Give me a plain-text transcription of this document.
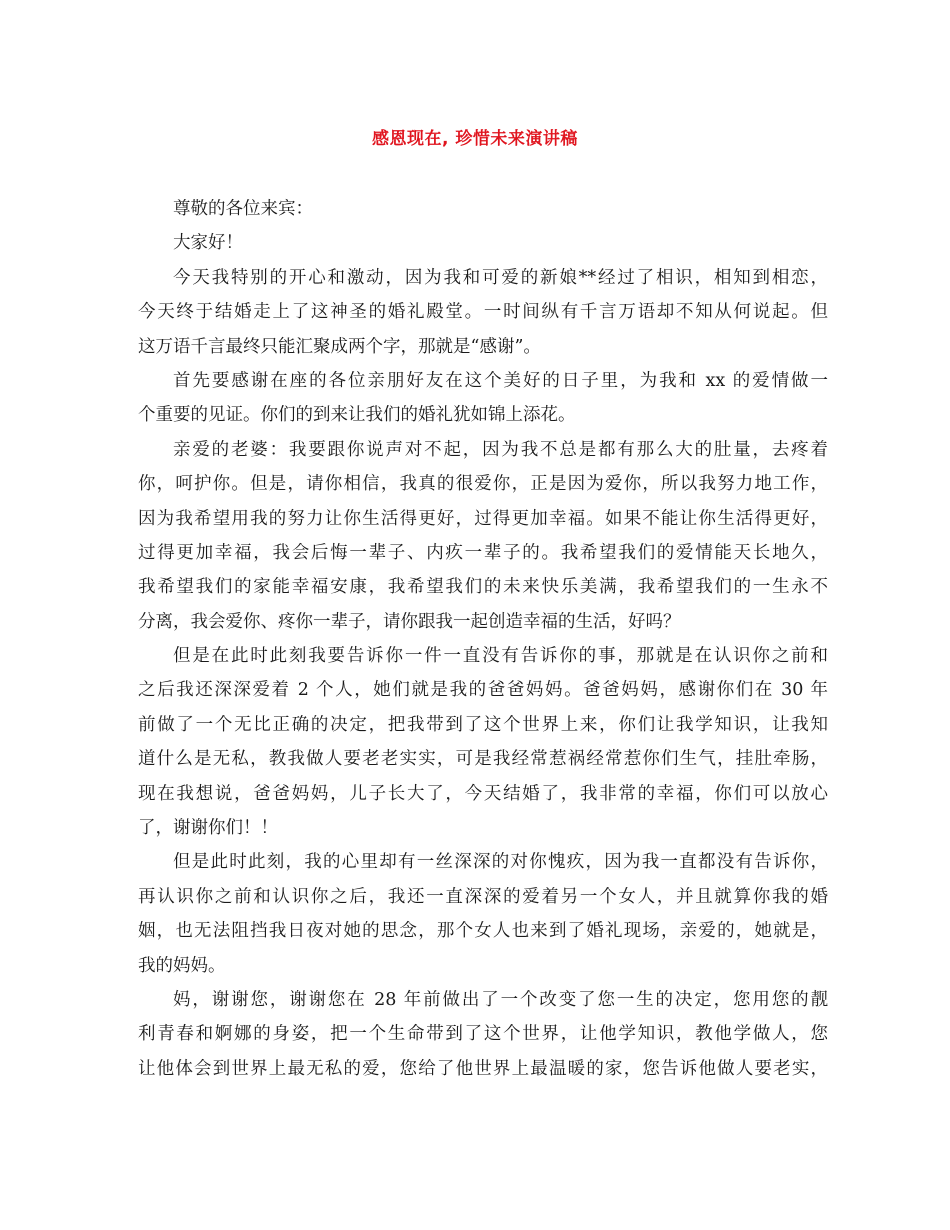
感恩现在, 珍惜未来演讲稿
尊敬的各位来宾：
大家好！
今天我特别的开心和激动，因为我和可爱的新娘**经过了相识，相知到相恋，
今天终于结婚走上了这神圣的婚礼殿堂。一时间纵有千言万语却不知从何说起。但
这万语千言最终只能汇聚成两个字，那就是“感谢”。
首先要感谢在座的各位亲朋好友在这个美好的日子里，为我和 xx 的爱情做一
个重要的见证。你们的到来让我们的婚礼犹如锦上添花。
亲爱的老婆：我要跟你说声对不起，因为我不总是都有那么大的肚量，去疼着
你，呵护你。但是，请你相信，我真的很爱你，正是因为爱你，所以我努力地工作，
因为我希望用我的努力让你生活得更好，过得更加幸福。如果不能让你生活得更好，
过得更加幸福，我会后悔一辈子、内疚一辈子的。我希望我们的爱情能天长地久，
我希望我们的家能幸福安康，我希望我们的未来快乐美满，我希望我们的一生永不
分离，我会爱你、疼你一辈子，请你跟我一起创造幸福的生活，好吗？
但是在此时此刻我要告诉你一件一直没有告诉你的事，那就是在认识你之前和
之后我还深深爱着 2 个人，她们就是我的爸爸妈妈。爸爸妈妈，感谢你们在 30 年
前做了一个无比正确的决定，把我带到了这个世界上来，你们让我学知识，让我知
道什么是无私，教我做人要老老实实，可是我经常惹祸经常惹你们生气，挂肚牵肠，
现在我想说，爸爸妈妈，儿子长大了，今天结婚了，我非常的幸福，你们可以放心
了，谢谢你们！！
但是此时此刻，我的心里却有一丝深深的对你愧疚，因为我一直都没有告诉你，
再认识你之前和认识你之后，我还一直深深的爱着另一个女人，并且就算你我的婚
姻，也无法阻挡我日夜对她的思念，那个女人也来到了婚礼现场，亲爱的，她就是，
我的妈妈。
妈，谢谢您，谢谢您在 28 年前做出了一个改变了您一生的决定，您用您的靓
利青春和婀娜的身姿，把一个生命带到了这个世界，让他学知识，教他学做人，您
让他体会到世界上最无私的爱，您给了他世界上最温暖的家，您告诉他做人要老实，
